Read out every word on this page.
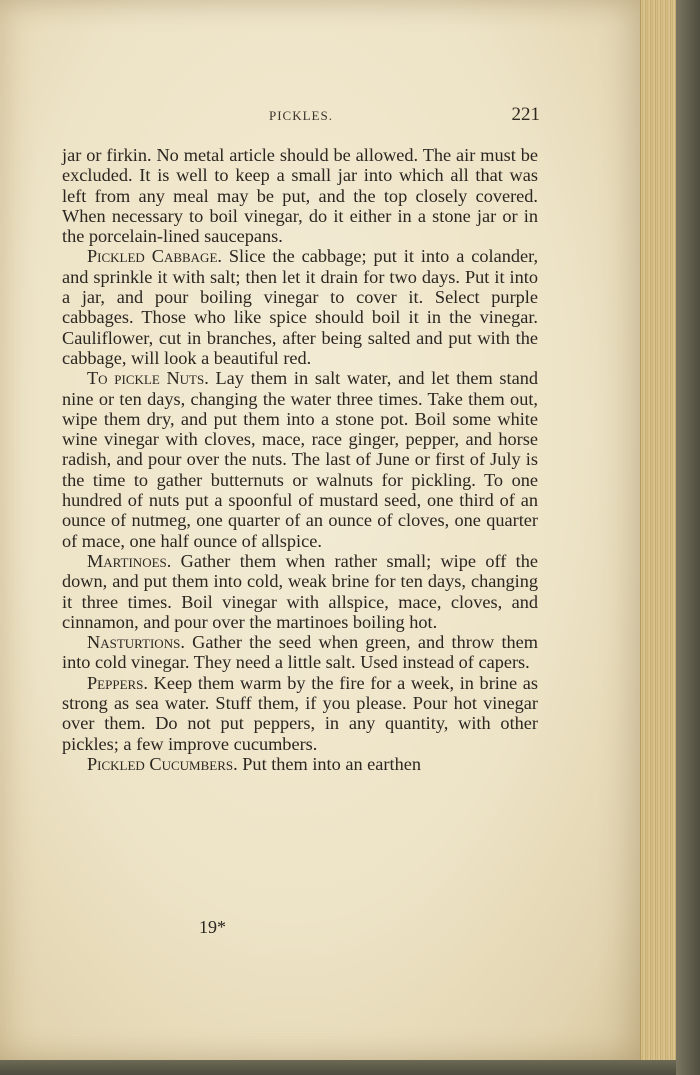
PICKLES.	221

jar or firkin. No metal article should be allowed. The air must be excluded. It is well to keep a small jar into which all that was left from any meal may be put, and the top closely covered. When necessary to boil vinegar, do it either in a stone jar or in the porcelain-lined saucepans.

Pickled Cabbage. Slice the cabbage; put it into a colander, and sprinkle it with salt; then let it drain for two days. Put it into a jar, and pour boiling vinegar to cover it. Select purple cabbages. Those who like spice should boil it in the vinegar. Cauliflower, cut in branches, after being salted and put with the cabbage, will look a beautiful red.

To pickle Nuts. Lay them in salt water, and let them stand nine or ten days, changing the water three times. Take them out, wipe them dry, and put them into a stone pot. Boil some white wine vinegar with cloves, mace, race ginger, pepper, and horse radish, and pour over the nuts. The last of June or first of July is the time to gather butternuts or walnuts for pickling. To one hundred of nuts put a spoonful of mustard seed, one third of an ounce of nutmeg, one quarter of an ounce of cloves, one quarter of mace, one half ounce of allspice.

Martinoes. Gather them when rather small; wipe off the down, and put them into cold, weak brine for ten days, changing it three times. Boil vinegar with allspice, mace, cloves, and cinnamon, and pour over the martinoes boiling hot.

Nasturtions. Gather the seed when green, and throw them into cold vinegar. They need a little salt. Used instead of capers.

Peppers. Keep them warm by the fire for a week, in brine as strong as sea water. Stuff them, if you please. Pour hot vinegar over them. Do not put peppers, in any quantity, with other pickles; a few improve cucumbers.

Pickled Cucumbers. Put them into an earthen

19*
